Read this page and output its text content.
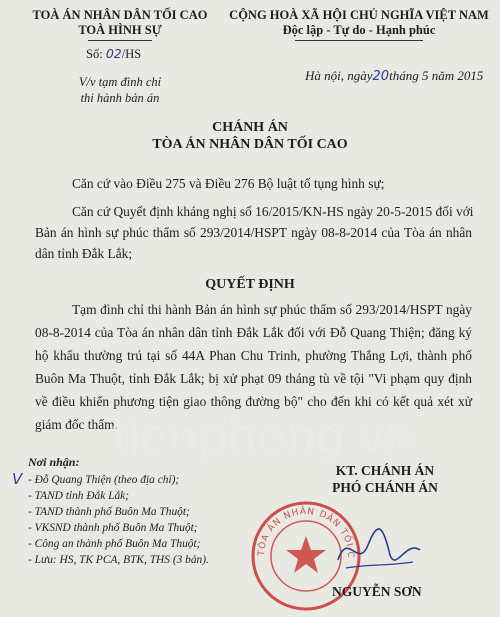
TOÀ ÁN NHÂN DÂN TỐI CAO
TOÀ HÌNH SỰ
Số: 02/HS
V/v tạm đình chỉ
thi hành bản án
CỘNG HOÀ XÃ HỘI CHỦ NGHĨA VIỆT NAM
Độc lập - Tự do - Hạnh phúc
Hà nội, ngày20tháng 5 năm 2015
CHÁNH ÁN
TÒA ÁN NHÂN DÂN TỐI CAO
Căn cứ vào Điều 275 và Điều 276 Bộ luật tố tụng hình sự;
Căn cứ Quyết định kháng nghị số 16/2015/KN-HS ngày 20-5-2015 đối với
Bản án hình sự phúc thẩm số 293/2014/HSPT ngày 08-8-2014 của Tòa án nhân
dân tỉnh Đắk Lắk;
QUYẾT ĐỊNH
Tạm đình chỉ thi hành Bản án hình sự phúc thẩm số 293/2014/HSPT ngày
08-8-2014 của Tòa án nhân dân tỉnh Đắk Lắk đối với Đỗ Quang Thiện; đăng ký
hộ khẩu thường trú tại số 44A Phan Chu Trinh, phường Thắng Lợi, thành phố
Buôn Ma Thuột, tỉnh Đắk Lắk; bị xử phạt 09 tháng tù về tội "Vi phạm quy định
về điều khiển phương tiện giao thông đường bộ" cho đến khi có kết quả xét xử
giám đốc thẩm.
tienphong.vn
Nơi nhận:
V - Đỗ Quang Thiện (theo địa chỉ);
- TAND tỉnh Đắk Lắk;
- TAND thành phố Buôn Ma Thuột;
- VKSND thành phố Buôn Ma Thuột;
- Công an thành phố Buôn Ma Thuột;
- Lưu: HS, TK PCA, BTK, THS (3 bản).
KT. CHÁNH ÁN
PHÓ CHÁNH ÁN
TÒA ÁN NHÂN DÂN TỐI C
NGUYỄN SƠN
